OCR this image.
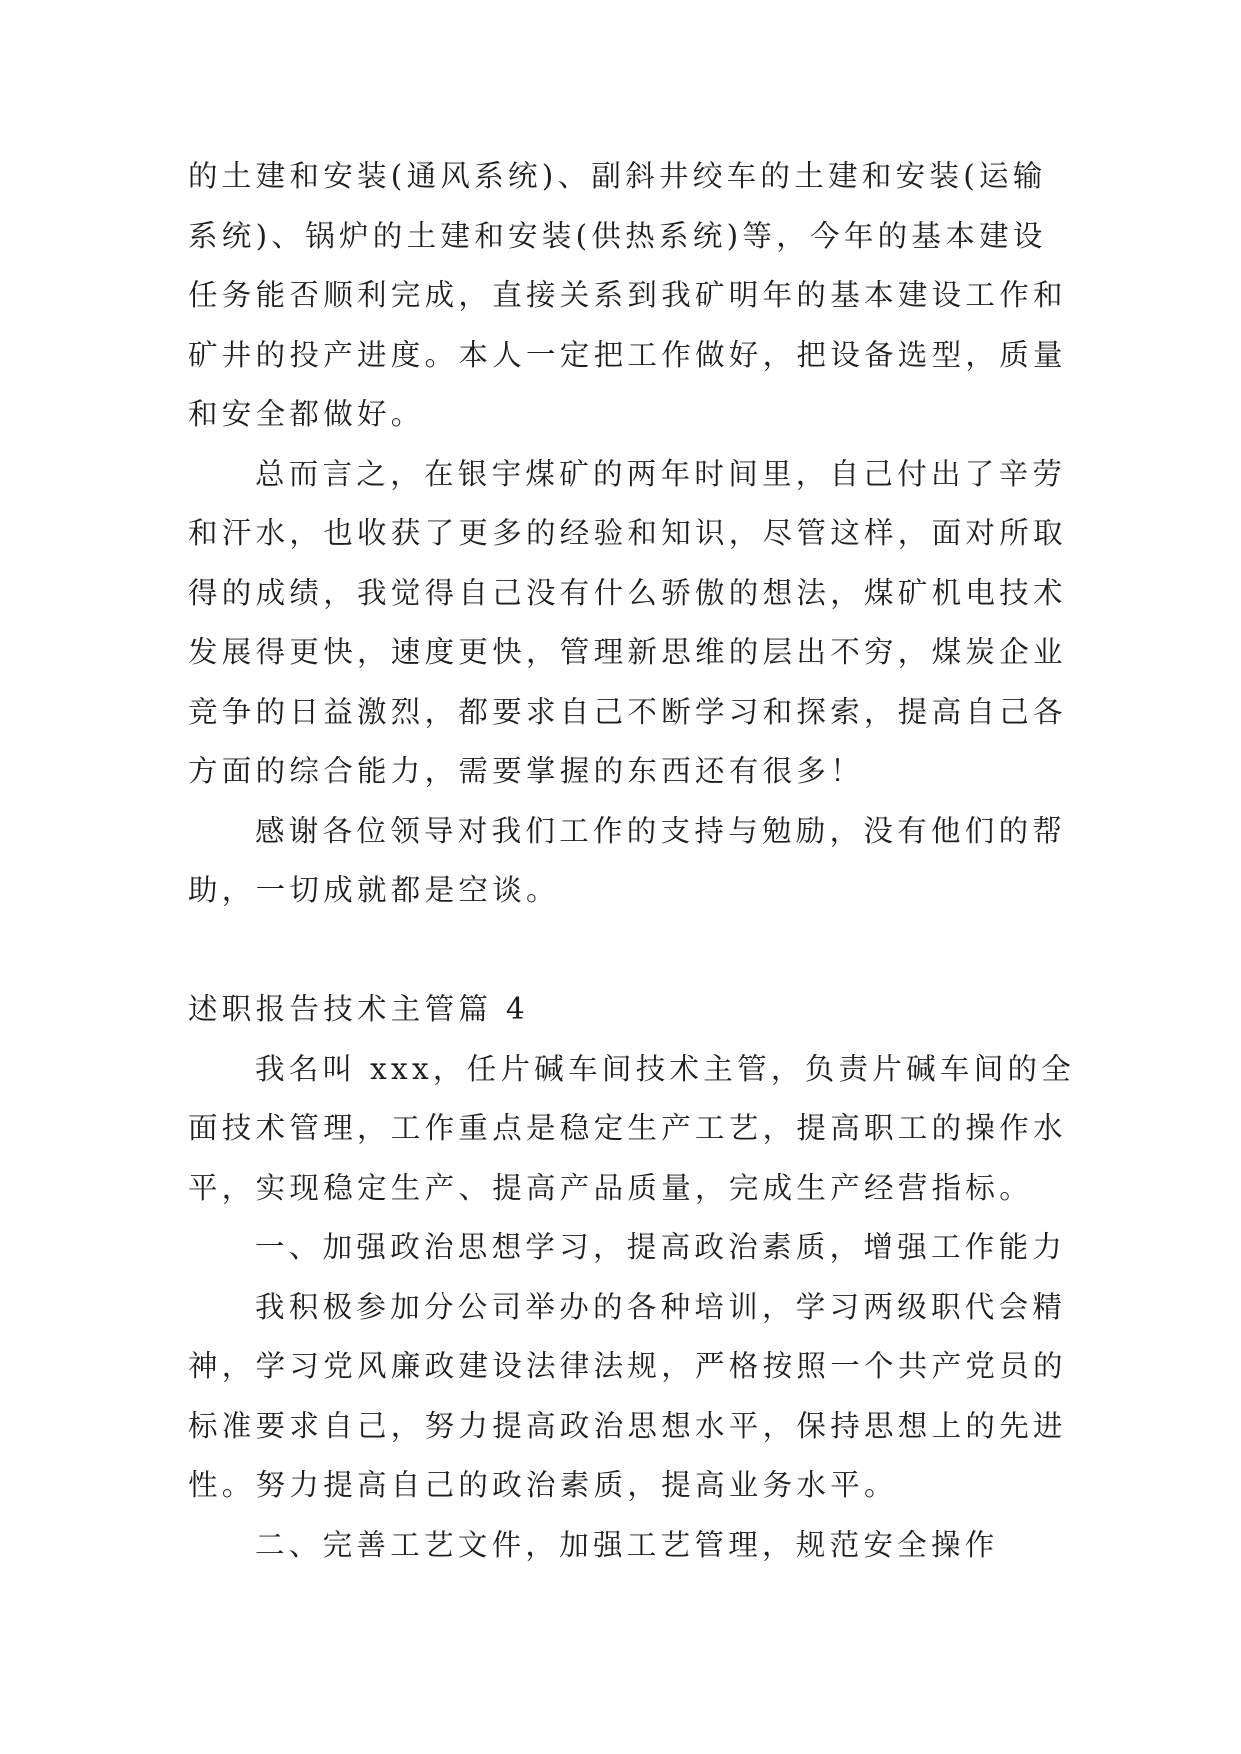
的土建和安装(通风系统)、副斜井绞车的土建和安装(运输
系统)、锅炉的土建和安装(供热系统)等，今年的基本建设
任务能否顺利完成，直接关系到我矿明年的基本建设工作和
矿井的投产进度。本人一定把工作做好，把设备选型，质量
和安全都做好。
总而言之，在银宇煤矿的两年时间里，自己付出了辛劳
和汗水，也收获了更多的经验和知识，尽管这样，面对所取
得的成绩，我觉得自己没有什么骄傲的想法，煤矿机电技术
发展得更快，速度更快，管理新思维的层出不穷，煤炭企业
竞争的日益激烈，都要求自己不断学习和探索，提高自己各
方面的综合能力，需要掌握的东西还有很多！
感谢各位领导对我们工作的支持与勉励，没有他们的帮
助，一切成就都是空谈。
述职报告技术主管篇 4
我名叫 xxx，任片碱车间技术主管，负责片碱车间的全
面技术管理，工作重点是稳定生产工艺，提高职工的操作水
平，实现稳定生产、提高产品质量，完成生产经营指标。
一、加强政治思想学习，提高政治素质，增强工作能力
我积极参加分公司举办的各种培训，学习两级职代会精
神，学习党风廉政建设法律法规，严格按照一个共产党员的
标准要求自己，努力提高政治思想水平，保持思想上的先进
性。努力提高自己的政治素质，提高业务水平。
二、完善工艺文件，加强工艺管理，规范安全操作
